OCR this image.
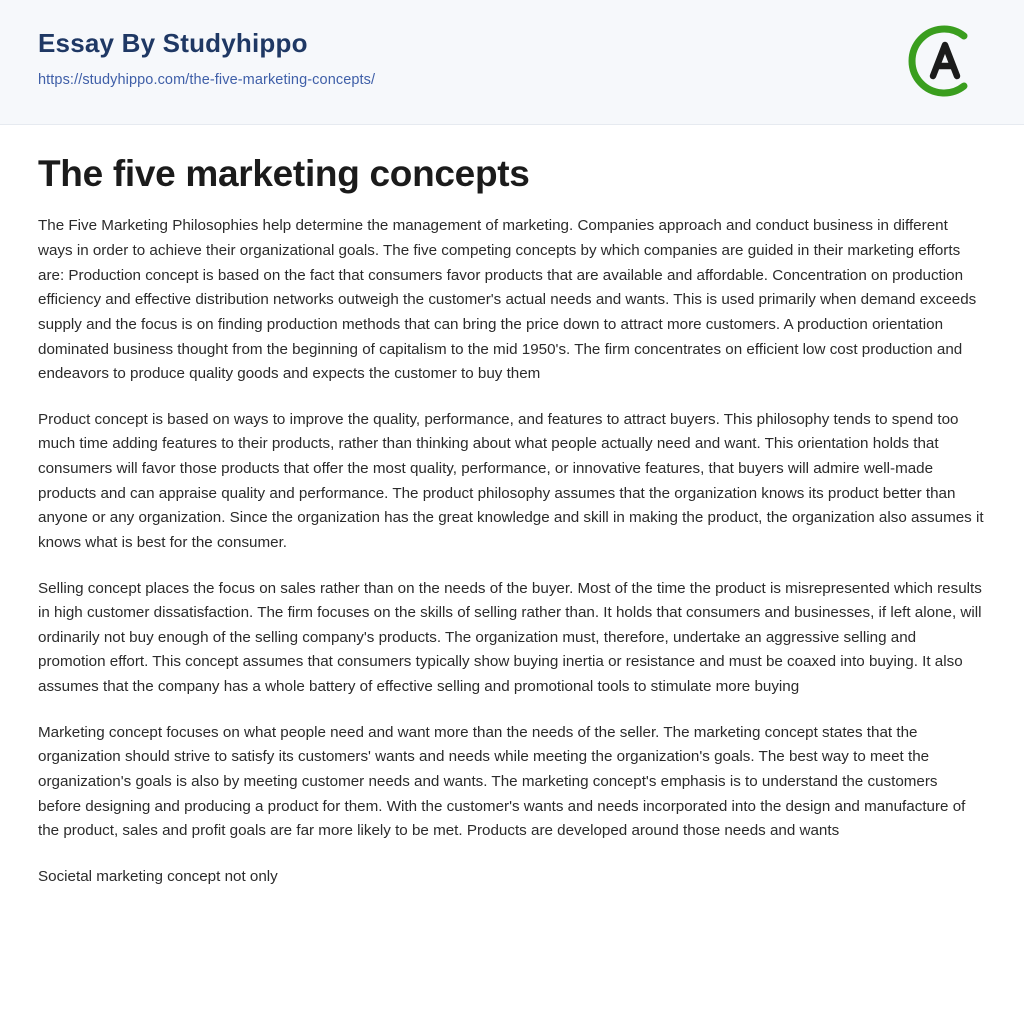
Essay By Studyhippo
https://studyhippo.com/the-five-marketing-concepts/
The five marketing concepts

The Five Marketing Philosophies help determine the management of marketing. Companies approach and conduct business in different ways in order to achieve their organizational goals. The five competing concepts by which companies are guided in their marketing efforts are: Production concept is based on the fact that consumers favor products that are available and affordable. Concentration on production efficiency and effective distribution networks outweigh the customer's actual needs and wants. This is used primarily when demand exceeds supply and the focus is on finding production methods that can bring the price down to attract more customers. A production orientation dominated business thought from the beginning of capitalism to the mid 1950's. The firm concentrates on efficient low cost production and endeavors to produce quality goods and expects the customer to buy them

Product concept is based on ways to improve the quality, performance, and features to attract buyers. This philosophy tends to spend too much time adding features to their products, rather than thinking about what people actually need and want. This orientation holds that consumers will favor those products that offer the most quality, performance, or innovative features, that buyers will admire well-made products and can appraise quality and performance. The product philosophy assumes that the organization knows its product better than anyone or any organization. Since the organization has the great knowledge and skill in making the product, the organization also assumes it knows what is best for the consumer.

Selling concept places the focus on sales rather than on the needs of the buyer. Most of the time the product is misrepresented which results in high customer dissatisfaction. The firm focuses on the skills of selling rather than. It holds that consumers and businesses, if left alone, will ordinarily not buy enough of the selling company's products. The organization must, therefore, undertake an aggressive selling and promotion effort. This concept assumes that consumers typically show buying inertia or resistance and must be coaxed into buying. It also assumes that the company has a whole battery of effective selling and promotional tools to stimulate more buying

Marketing concept focuses on what people need and want more than the needs of the seller. The marketing concept states that the organization should strive to satisfy its customers' wants and needs while meeting the organization's goals. The best way to meet the organization's goals is also by meeting customer needs and wants. The marketing concept's emphasis is to understand the customers before designing and producing a product for them. With the customer's wants and needs incorporated into the design and manufacture of the product, sales and profit goals are far more likely to be met. Products are developed around those needs and wants

Societal marketing concept not only
